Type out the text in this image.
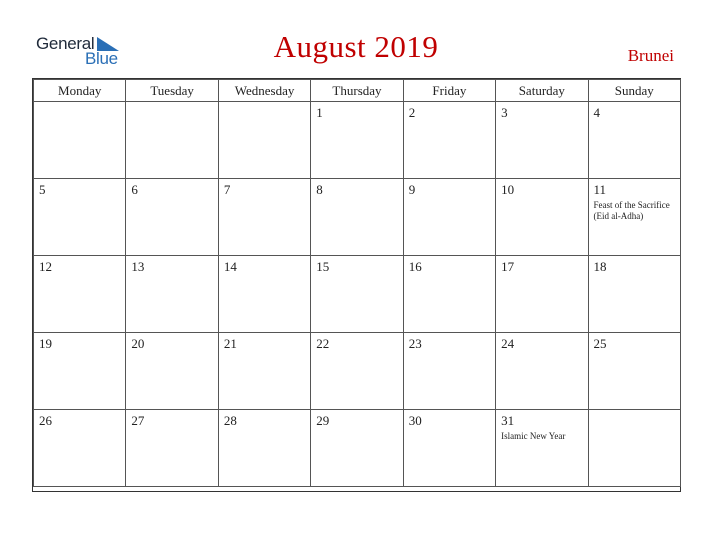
General
Blue	August 2019	Brunei
Monday	Tuesday	Wednesday	Thursday	Friday	Saturday	Sunday

			1	2	3	4

5	6	7	8	9	10	11
Feast of the Sacrifice (Eid al-Adha)

12	13	14	15	16	17	18

19	20	21	22	23	24	25

26	27	28	29	30	31
Islamic New Year	
